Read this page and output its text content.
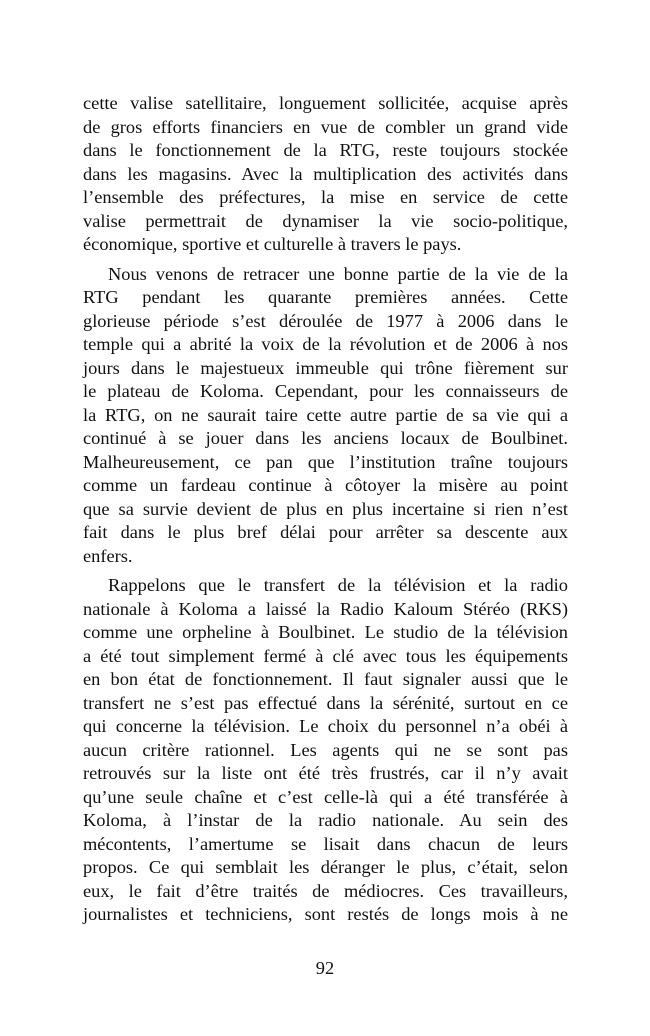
cette valise satellitaire, longuement sollicitée, acquise après
de gros efforts financiers en vue de combler un grand vide
dans le fonctionnement de la RTG, reste toujours stockée
dans les magasins. Avec la multiplication des activités dans
l’ensemble des préfectures, la mise en service de cette
valise permettrait de dynamiser la vie socio-politique,
économique, sportive et culturelle à travers le pays.
Nous venons de retracer une bonne partie de la vie de la
RTG pendant les quarante premières années. Cette
glorieuse période s’est déroulée de 1977 à 2006 dans le
temple qui a abrité la voix de la révolution et de 2006 à nos
jours dans le majestueux immeuble qui trône fièrement sur
le plateau de Koloma. Cependant, pour les connaisseurs de
la RTG, on ne saurait taire cette autre partie de sa vie qui a
continué à se jouer dans les anciens locaux de Boulbinet.
Malheureusement, ce pan que l’institution traîne toujours
comme un fardeau continue à côtoyer la misère au point
que sa survie devient de plus en plus incertaine si rien n’est
fait dans le plus bref délai pour arrêter sa descente aux
enfers.
Rappelons que le transfert de la télévision et la radio
nationale à Koloma a laissé la Radio Kaloum Stéréo (RKS)
comme une orpheline à Boulbinet. Le studio de la télévision
a été tout simplement fermé à clé avec tous les équipements
en bon état de fonctionnement. Il faut signaler aussi que le
transfert ne s’est pas effectué dans la sérénité, surtout en ce
qui concerne la télévision. Le choix du personnel n’a obéi à
aucun critère rationnel. Les agents qui ne se sont pas
retrouvés sur la liste ont été très frustrés, car il n’y avait
qu’une seule chaîne et c’est celle-là qui a été transférée à
Koloma, à l’instar de la radio nationale. Au sein des
mécontents, l’amertume se lisait dans chacun de leurs
propos. Ce qui semblait les déranger le plus, c’était, selon
eux, le fait d’être traités de médiocres. Ces travailleurs,
journalistes et techniciens, sont restés de longs mois à ne
92
